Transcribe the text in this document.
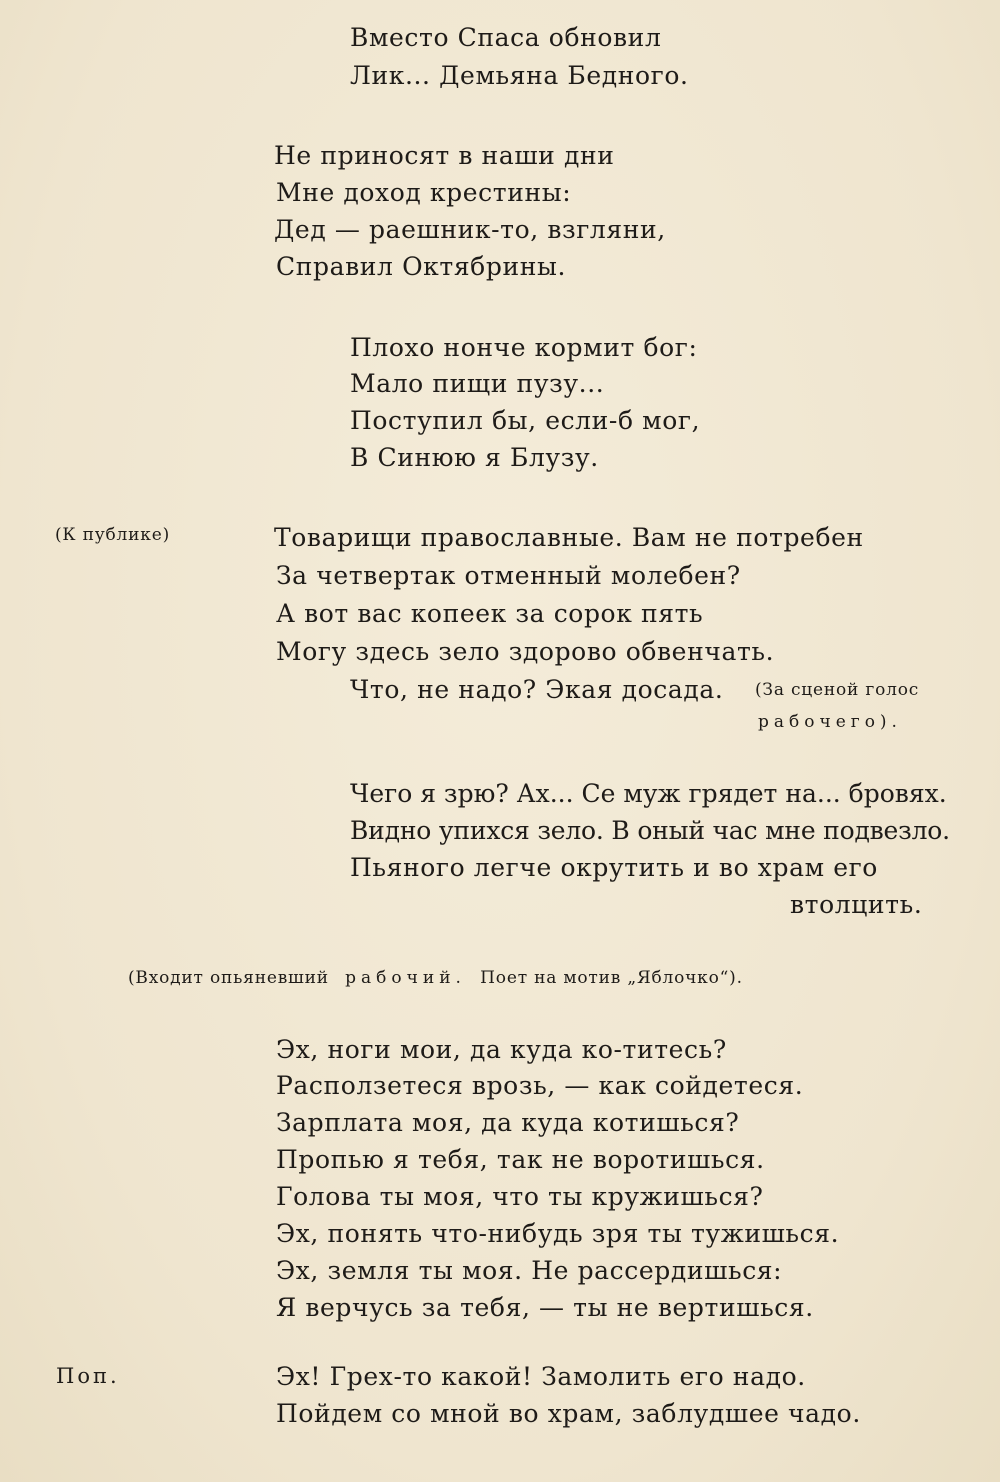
Вместо Спаса обновил
Лик... Демьяна Бедного.
Не приносят в наши дни
Мне доход крестины:
Дед — раешник-то, взгляни,
Справил Октябрины.
Плохо нонче кормит бог:
Мало пищи пузу...
Поступил бы, если-б мог,
В Синюю я Блузу.
(К публике)	Товарищи православные. Вам не потребен
За четвертак отменный молебен?
А вот вас копеек за сорок пять
Могу здесь зело здорово обвенчать.
Что, не надо? Экая досада. (За сценой голос
рабочего).
Чего я зрю? Ах... Се муж грядет на... бровях.
Видно упихся зело. В оный час мне подвезло.
Пьяного легче окрутить и во храм его
втолцить.
(Входит опьяневший рабочий. Поет на мотив „Яблочко“).
Эх, ноги мои, да куда ко-титесь?
Расползетеся врозь, — как сойдетеся.
Зарплата моя, да куда котишься?
Пропью я тебя, так не воротишься.
Голова ты моя, что ты кружишься?
Эх, понять что-нибудь зря ты тужишься.
Эх, земля ты моя. Не рассердишься:
Я верчусь за тебя, — ты не вертишься.
Поп.	Эх! Грех-то какой! Замолить его надо.
Пойдем со мной во храм, заблудшее чадо.
